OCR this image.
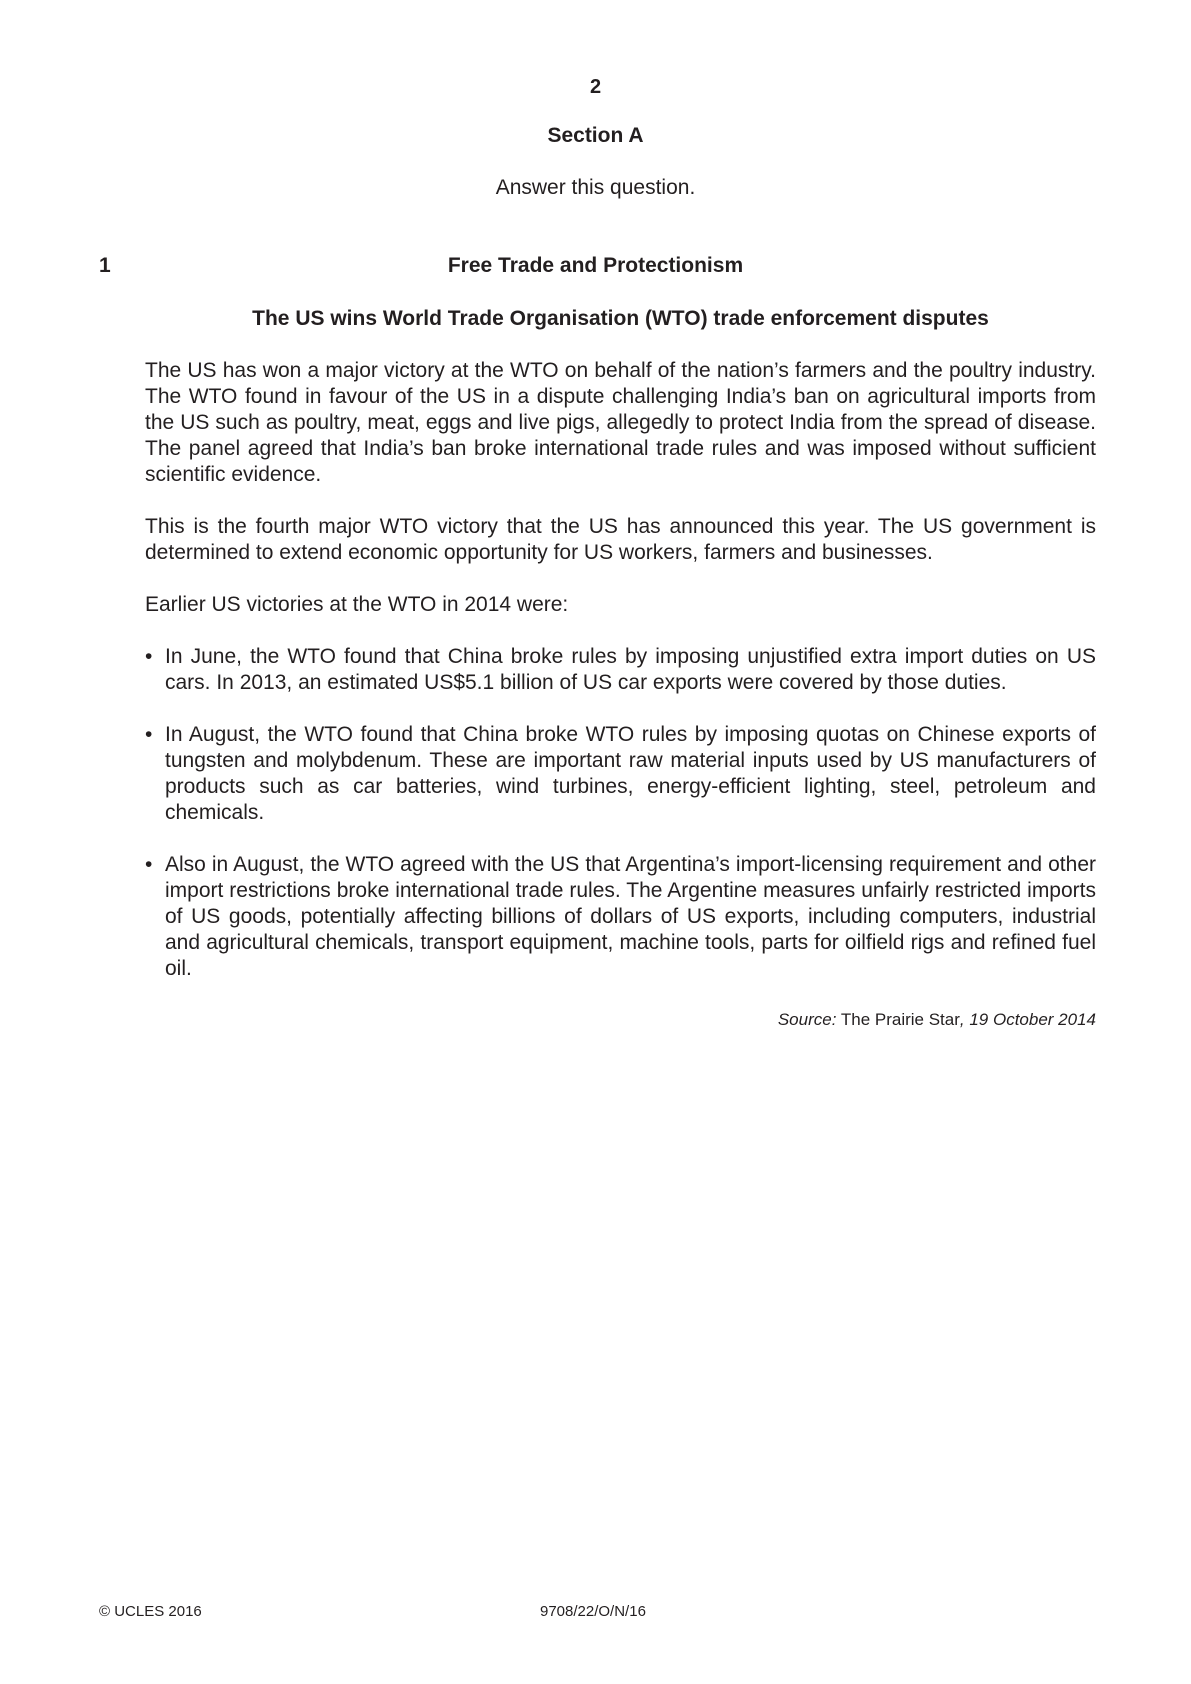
2
Section A
Answer this question.
1	Free Trade and Protectionism
The US wins World Trade Organisation (WTO) trade enforcement disputes

The US has won a major victory at the WTO on behalf of the nation’s farmers and the poultry industry. The WTO found in favour of the US in a dispute challenging India’s ban on agricultural imports from the US such as poultry, meat, eggs and live pigs, allegedly to protect India from the spread of disease. The panel agreed that India’s ban broke international trade rules and was imposed without sufficient scientific evidence.

This is the fourth major WTO victory that the US has announced this year. The US government is determined to extend economic opportunity for US workers, farmers and businesses.

Earlier US victories at the WTO in 2014 were:

• In June, the WTO found that China broke rules by imposing unjustified extra import duties on US cars. In 2013, an estimated US$5.1 billion of US car exports were covered by those duties.
• In August, the WTO found that China broke WTO rules by imposing quotas on Chinese exports of tungsten and molybdenum. These are important raw material inputs used by US manufacturers of products such as car batteries, wind turbines, energy-efficient lighting, steel, petroleum and chemicals.
• Also in August, the WTO agreed with the US that Argentina’s import-licensing requirement and other import restrictions broke international trade rules. The Argentine measures unfairly restricted imports of US goods, potentially affecting billions of dollars of US exports, including computers, industrial and agricultural chemicals, transport equipment, machine tools, parts for oilfield rigs and refined fuel oil.
Source: The Prairie Star, 19 October 2014
© UCLES 2016	9708/22/O/N/16
